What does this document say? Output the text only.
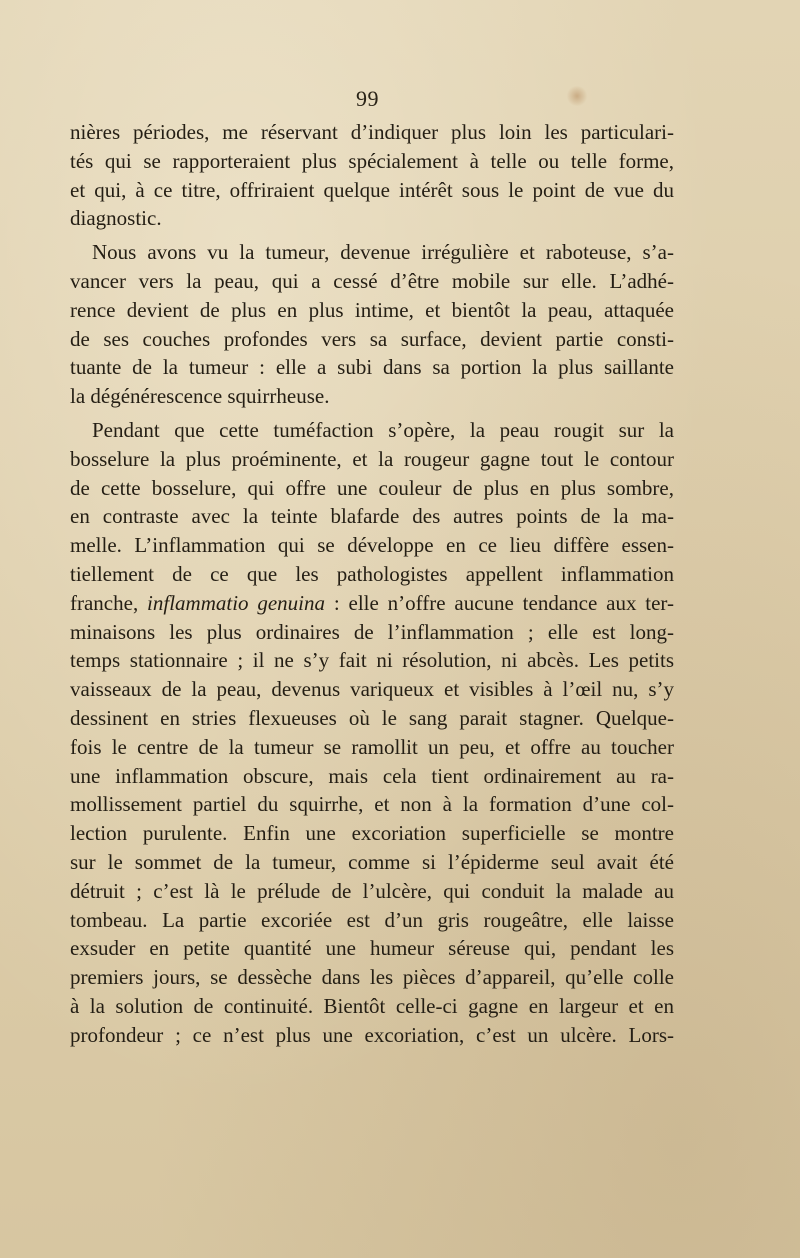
99
nières périodes, me réservant d’indiquer plus loin les particulari-
tés qui se rapporteraient plus spécialement à telle ou telle forme,
et qui, à ce titre, offriraient quelque intérêt sous le point de vue du
diagnostic.
Nous avons vu la tumeur, devenue irrégulière et raboteuse, s’a-
vancer vers la peau, qui a cessé d’être mobile sur elle. L’adhé-
rence devient de plus en plus intime, et bientôt la peau, attaquée
de ses couches profondes vers sa surface, devient partie consti-
tuante de la tumeur : elle a subi dans sa portion la plus saillante
la dégénérescence squirrheuse.
Pendant que cette tuméfaction s’opère, la peau rougit sur la
bosselure la plus proéminente, et la rougeur gagne tout le contour
de cette bosselure, qui offre une couleur de plus en plus sombre,
en contraste avec la teinte blafarde des autres points de la ma-
melle. L’inflammation qui se développe en ce lieu diffère essen-
tiellement de ce que les pathologistes appellent inflammation
franche, inflammatio genuina : elle n’offre aucune tendance aux ter-
minaisons les plus ordinaires de l’inflammation ; elle est long-
temps stationnaire ; il ne s’y fait ni résolution, ni abcès. Les petits
vaisseaux de la peau, devenus variqueux et visibles à l’œil nu, s’y
dessinent en stries flexueuses où le sang parait stagner. Quelque-
fois le centre de la tumeur se ramollit un peu, et offre au toucher
une inflammation obscure, mais cela tient ordinairement au ra-
mollissement partiel du squirrhe, et non à la formation d’une col-
lection purulente. Enfin une excoriation superficielle se montre
sur le sommet de la tumeur, comme si l’épiderme seul avait été
détruit ; c’est là le prélude de l’ulcère, qui conduit la malade au
tombeau. La partie excoriée est d’un gris rougeâtre, elle laisse
exsuder en petite quantité une humeur séreuse qui, pendant les
premiers jours, se dessèche dans les pièces d’appareil, qu’elle colle
à la solution de continuité. Bientôt celle-ci gagne en largeur et en
profondeur ; ce n’est plus une excoriation, c’est un ulcère. Lors-
